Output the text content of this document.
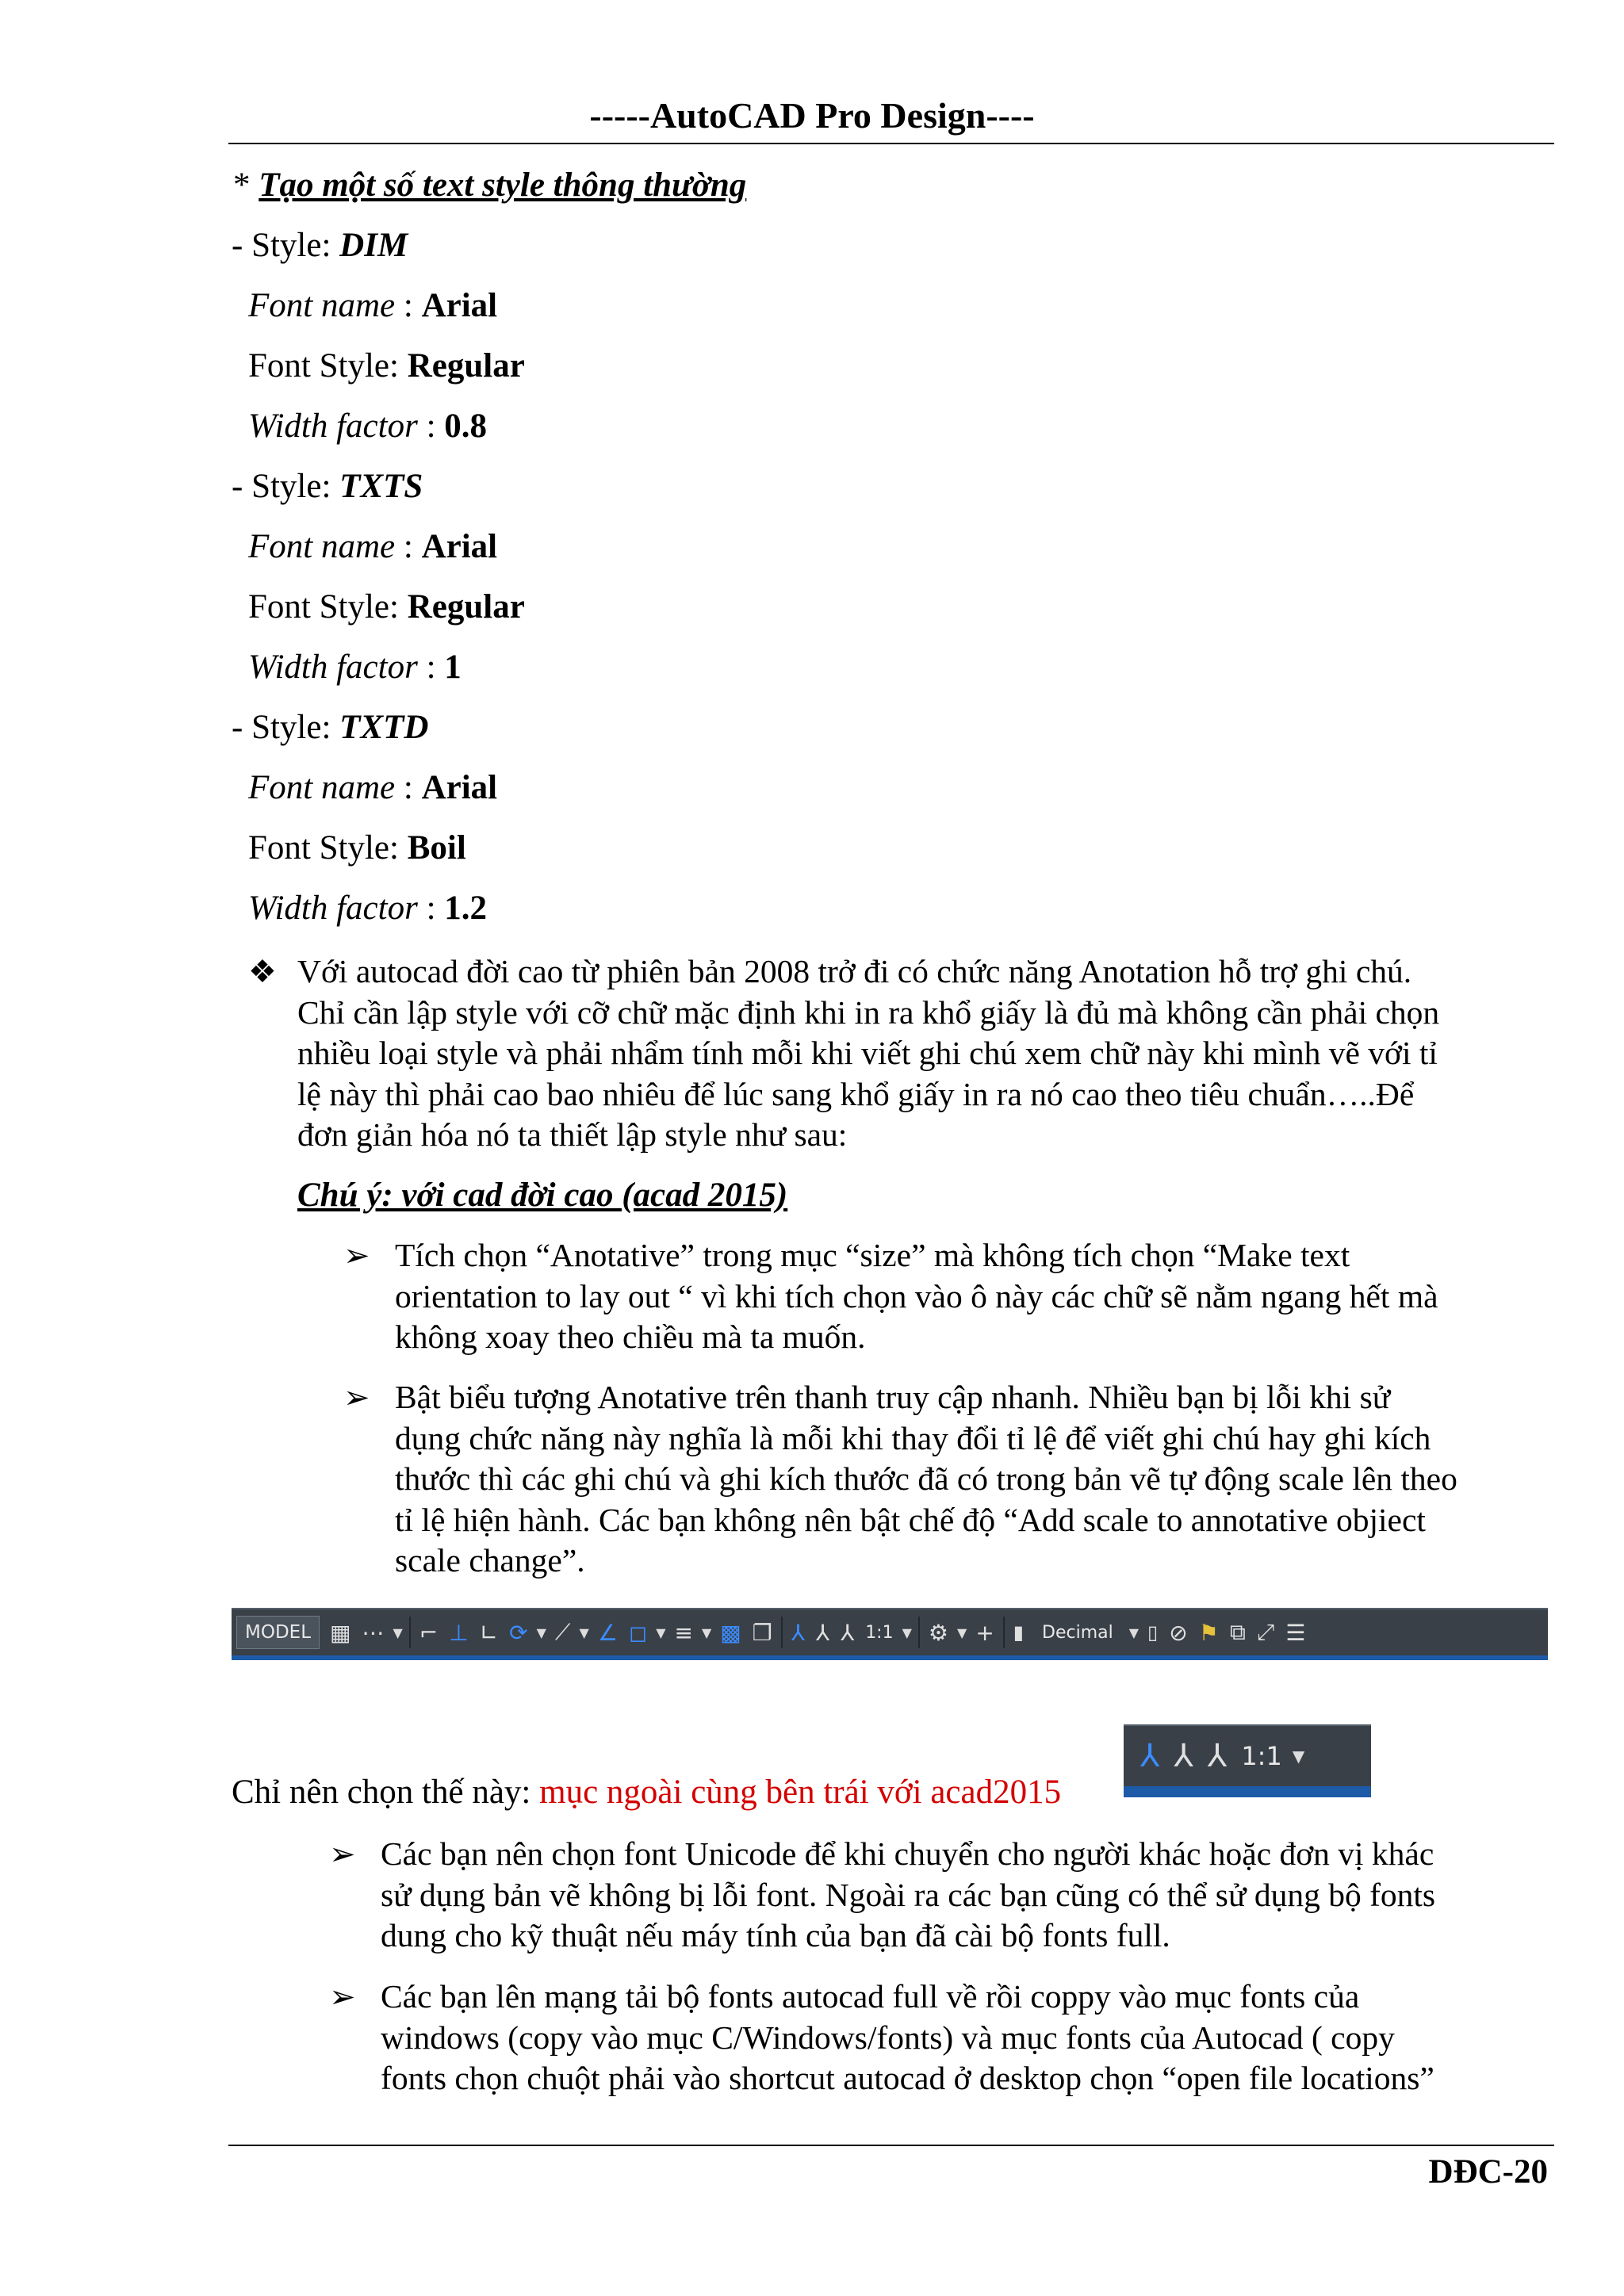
-----AutoCAD Pro Design----
* Tạo một số text style thông thường
- Style: DIM
Font name : Arial
Font Style: Regular
Width factor : 0.8
- Style: TXTS
Font name : Arial
Font Style: Regular
Width factor : 1
- Style: TXTD
Font name : Arial
Font Style: Boil
Width factor : 1.2
❖ Với autocad đời cao từ phiên bản 2008 trở đi có chức năng Anotation hỗ trợ ghi chú.
Chỉ cần lập style với cỡ chữ mặc định khi in ra khổ giấy là đủ mà không cần phải chọn
nhiều loại style và phải nhẩm tính mỗi khi viết ghi chú xem chữ này khi mình vẽ với tỉ
lệ này thì phải cao bao nhiêu để lúc sang khổ giấy in ra nó cao theo tiêu chuẩn…..Để
đơn giản hóa nó ta thiết lập style như sau:
Chú ý: với cad đời cao (acad 2015)
➢ Tích chọn “Anotative” trong mục “size” mà không tích chọn “Make text
orientation to lay out “ vì khi tích chọn vào ô này các chữ sẽ nằm ngang hết mà
không xoay theo chiều mà ta muốn.
➢ Bật biểu tượng Anotative trên thanh truy cập nhanh. Nhiều bạn bị lỗi khi sử
dụng chức năng này nghĩa là mỗi khi thay đổi tỉ lệ để viết ghi chú hay ghi kích
thước thì các ghi chú và ghi kích thước đã có trong bản vẽ tự động scale lên theo
tỉ lệ hiện hành. Các bạn không nên bật chế độ “Add scale to annotative objiect
scale change”.
MODEL ▦ ⋯ ▼ ⌐ ⊥ ∟ ⟳ ▼ ⟋ ▼ ∠ ◻ ▼ ≡ ▼ ▩ ❐ ⅄ ⅄ ⅄ 1:1 ▼ ⚙ ▼ + ▮	Decimal	▼ ▯ ⊘ ⚑ ⧉ ⤢ ☰
Chỉ nên chọn thế này: mục ngoài cùng bên trái với acad2015
⅄ ⅄ ⅄ 1:1 ▼
➢ Các bạn nên chọn font Unicode để khi chuyển cho người khác hoặc đơn vị khác
sử dụng bản vẽ không bị lỗi font. Ngoài ra các bạn cũng có thể sử dụng bộ fonts
dung cho kỹ thuật nếu máy tính của bạn đã cài bộ fonts full.
➢ Các bạn lên mạng tải bộ fonts autocad full về rồi coppy vào mục fonts của
windows (copy vào mục C/Windows/fonts) và mục fonts của Autocad ( copy
fonts chọn chuột phải vào shortcut autocad ở desktop chọn “open file locations”
DĐC-20
